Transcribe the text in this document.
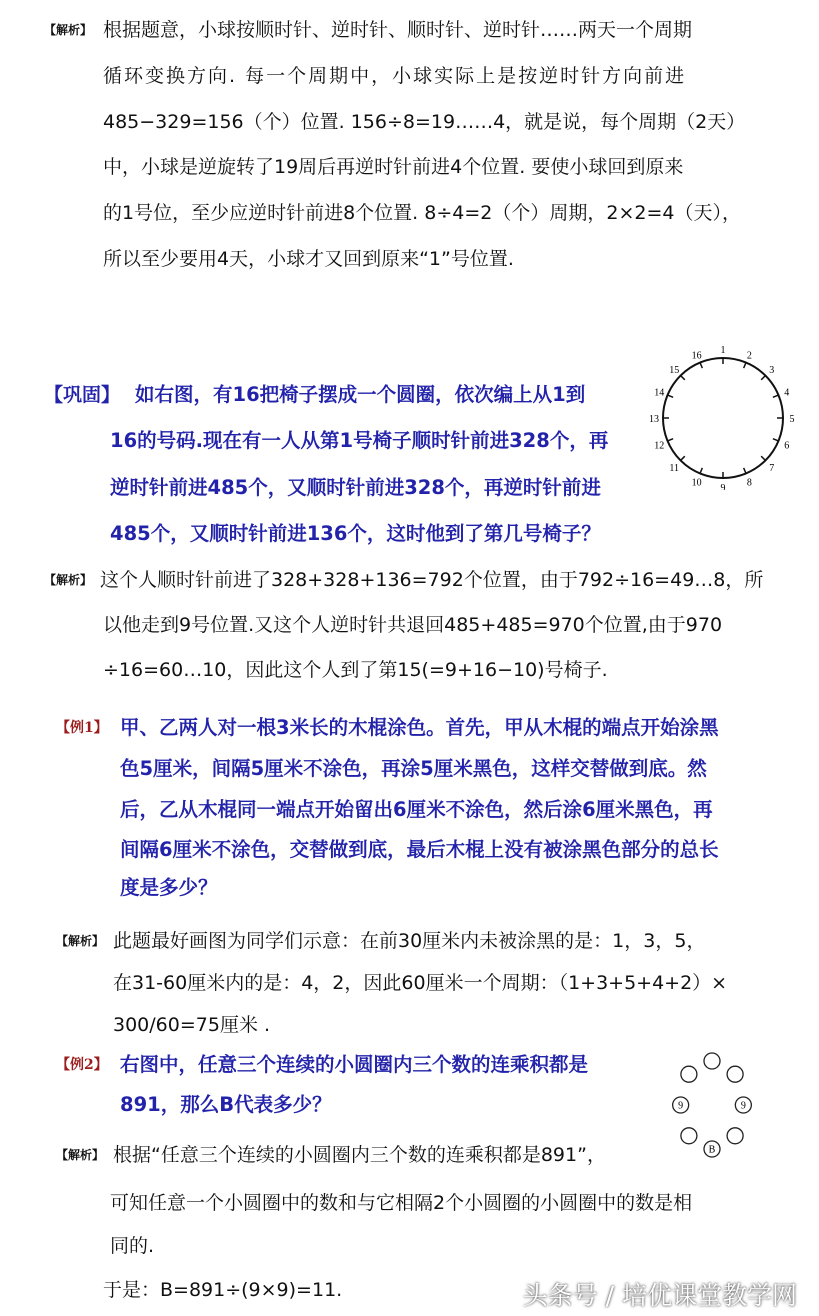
【解析】 根据题意，小球按顺时针、逆时针、顺时针、逆时针……两天一个周期
循环变换方向. 每一个周期中，小球实际上是按逆时针方向前进
485−329=156（个）位置. 156÷8=19……4，就是说，每个周期（2天）
中，小球是逆旋转了19周后再逆时针前进4个位置. 要使小球回到原来
的1号位，至少应逆时针前进8个位置. 8÷4=2（个）周期，2×2=4（天），
所以至少要用4天，小球才又回到原来“1”号位置.
【巩固】 如右图，有16把椅子摆成一个圆圈，依次编上从1到
16的号码.现在有一人从第1号椅子顺时针前进328个，再
逆时针前进485个，又顺时针前进328个，再逆时针前进
485个，又顺时针前进136个，这时他到了第几号椅子？
1 2
3
4
5
6
7
8
9
10
11
12
13
14
15
16
【解析】 这个人顺时针前进了328+328+136=792个位置，由于792÷16=49…8，所
以他走到9号位置.又这个人逆时针共退回485+485=970个位置,由于970
÷16=60…10，因此这个人到了第15(=9+16−10)号椅子.
【例1】 甲、乙两人对一根3米长的木棍涂色。首先，甲从木棍的端点开始涂黑
色5厘米，间隔5厘米不涂色，再涂5厘米黑色，这样交替做到底。然
后，乙从木棍同一端点开始留出6厘米不涂色，然后涂6厘米黑色，再
间隔6厘米不涂色，交替做到底，最后木棍上没有被涂黑色部分的总长
度是多少？
【解析】 此题最好画图为同学们示意：在前30厘米内未被涂黑的是：1，3，5，
在31-60厘米内的是：4，2，因此60厘米一个周期：（1+3+5+4+2）×
300/60=75厘米 .
【例2】 右图中，任意三个连续的小圆圈内三个数的连乘积都是
891，那么B代表多少？	9	9
B
【解析】 根据“任意三个连续的小圆圈内三个数的连乘积都是891”，
可知任意一个小圆圈中的数和与它相隔2个小圆圈的小圆圈中的数是相
同的.
于是：B=891÷(9×9)=11.	头条号 / 培优课堂教学网
